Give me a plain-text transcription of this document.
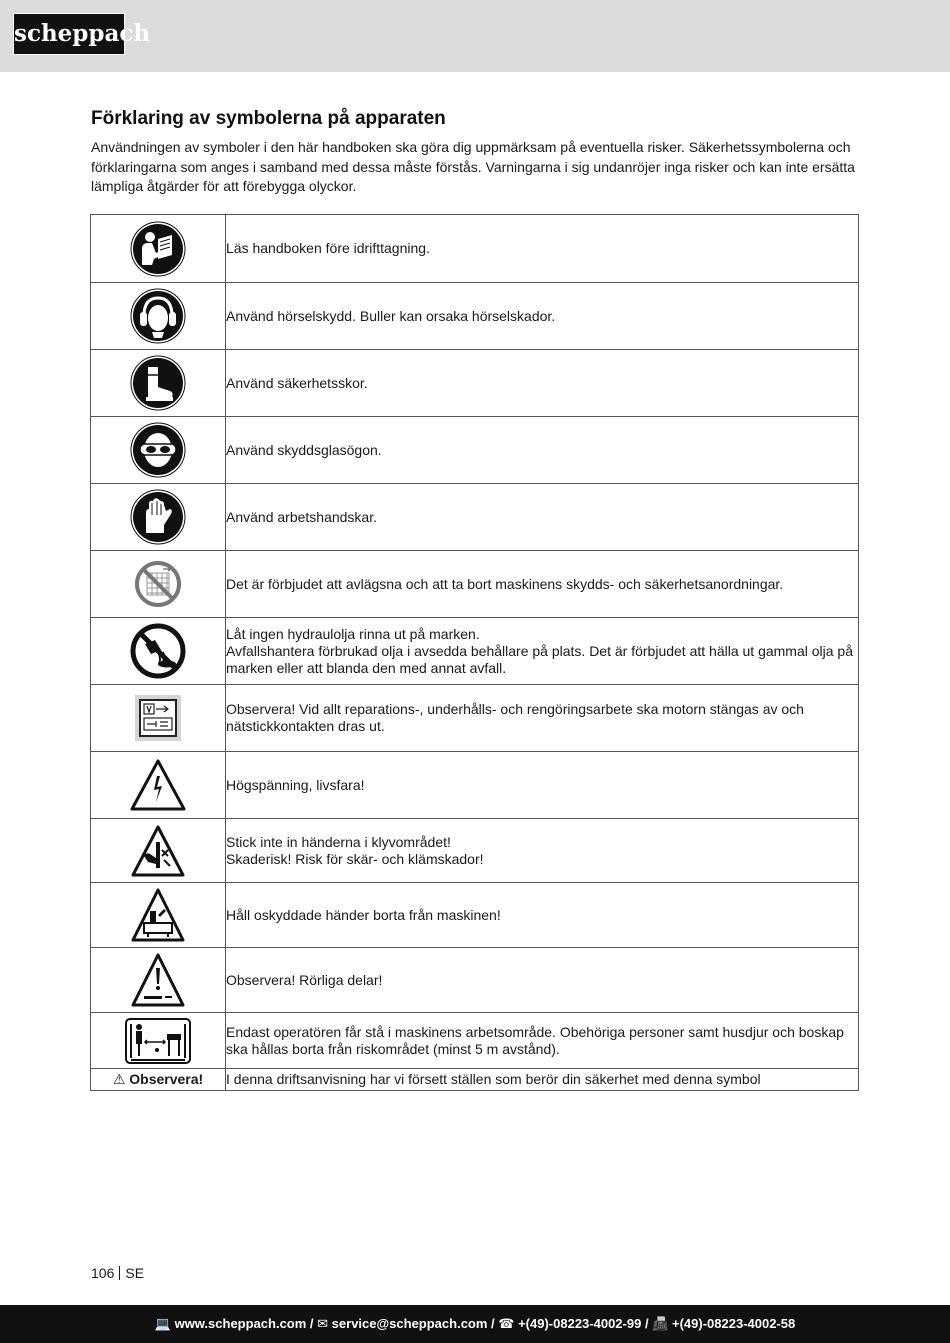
scheppach
Förklaring av symbolerna på apparaten

Användningen av symboler i den här handboken ska göra dig uppmärksam på eventuella risker. Säkerhetssymbolerna och förklaringarna som anges i samband med dessa måste förstås. Varningarna i sig undanröjer inga risker och kan inte ersätta lämpliga åtgärder för att förebygga olyckor.

Läs handboken före idrifttagning.

Använd hörselskydd. Buller kan orsaka hörselskador.

Använd säkerhetsskor.

Använd skyddsglasögon.

Använd arbetshandskar.

Det är förbjudet att avlägsna och att ta bort maskinens skydds- och säkerhetsanordningar.

Låt ingen hydraulolja rinna ut på marken.
Avfallshantera förbrukad olja i avsedda behållare på plats. Det är förbjudet att hälla ut gammal olja på marken eller att blanda den med annat avfall.

Observera! Vid allt reparations-, underhålls- och rengöringsarbete ska motorn stängas av och nätstickkontakten dras ut.

Högspänning, livsfara!

Stick inte in händerna i klyvområdet!
Skaderisk! Risk för skär- och klämskador!

Håll oskyddade händer borta från maskinen!

Observera! Rörliga delar!

Endast operatören får stå i maskinens arbetsområde. Obehöriga personer samt husdjur och boskap ska hållas borta från riskområdet (minst 5 m avstånd).

⚠ Observera!	I denna driftsanvisning har vi försett ställen som berör din säkerhet med denna symbol
106 SE
💻 www.scheppach.com / ✉ service@scheppach.com / ☎ +(49)-08223-4002-99 / 📠 +(49)-08223-4002-58
